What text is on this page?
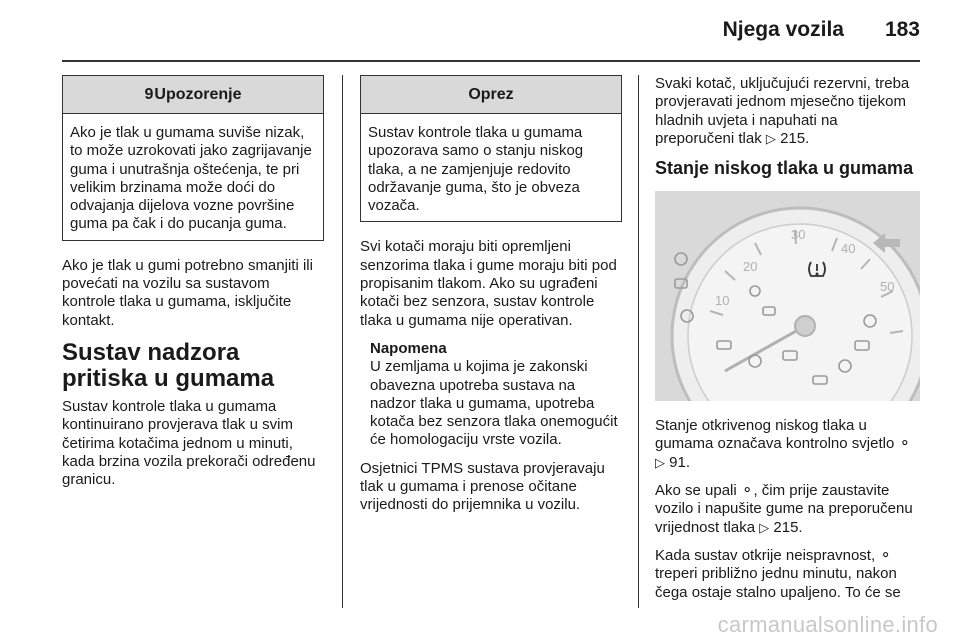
Njega vozila 183
9Upozorenje

Ako je tlak u gumama suviše nizak, to može uzrokovati jako zagrijavanje guma i unutrašnja oštećenja, te pri velikim brzinama može doći do odvajanja dijelova vozne površine guma pa čak i do pucanja guma.

Ako je tlak u gumi potrebno smanjiti ili povećati na vozilu sa sustavom kontrole tlaka u gumama, isključite kontakt.

Sustav nadzora pritiska u gumama

Sustav kontrole tlaka u gumama kontinuirano provjerava tlak u svim četirima kotačima jednom u minuti, kada brzina vozila prekorači određenu granicu.

Oprez

Sustav kontrole tlaka u gumama upozorava samo o stanju niskog tlaka, a ne zamjenjuje redovito održavanje guma, što je obveza vozača.

Svi kotači moraju biti opremljeni senzorima tlaka i gume moraju biti pod propisanim tlakom. Ako su ugrađeni kotači bez senzora, sustav kontrole tlaka u gumama nije operativan.

Napomena

U zemljama u kojima je zakonski obavezna upotreba sustava na nadzor tlaka u gumama, upotreba kotača bez senzora tlaka onemogućit će homologaciju vrste vozila.

Osjetnici TPMS sustava provjeravaju tlak u gumama i prenose očitane vrijednosti do prijemnika u vozilu.

Svaki kotač, uključujući rezervni, treba provjeravati jednom mjesečno tijekom hladnih uvjeta i napuhati na preporučeni tlak ▷ 215.

Stanje niskog tlaka u gumama
20
30
40
50
10

Stanje otkrivenog niskog tlaka u gumama označava kontrolno svjetlo ⚬ ▷ 91.

Ako se upali ⚬, čim prije zaustavite vozilo i napušite gume na preporučenu vrijednost tlaka ▷ 215.

Kada sustav otkrije neispravnost, ⚬ treperi približno jednu minutu, nakon čega ostaje stalno upaljeno. To će se

carmanualsonline.info
